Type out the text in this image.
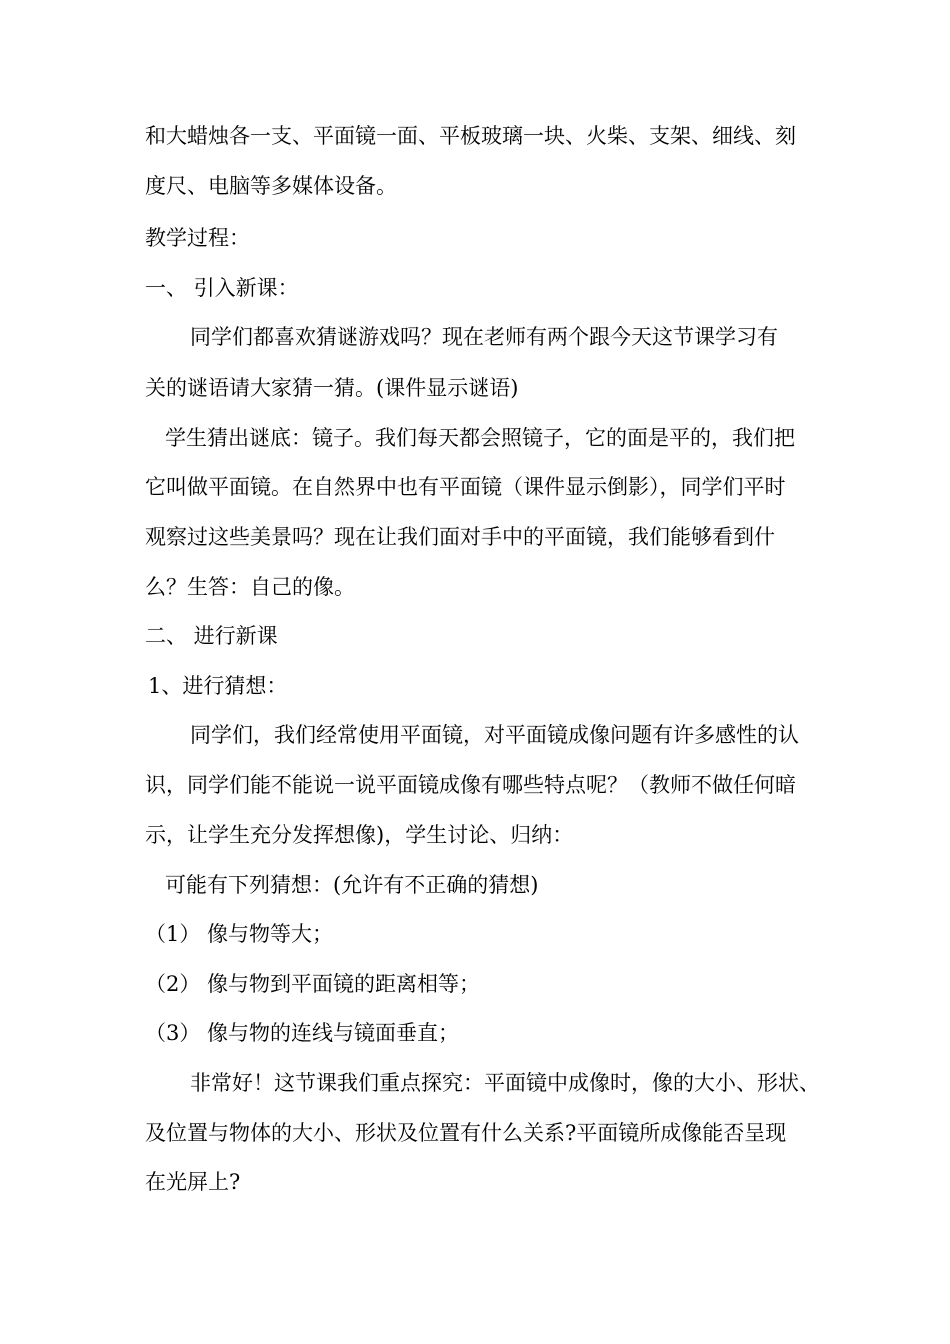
和大蜡烛各一支、平面镜一面、平板玻璃一块、火柴、支架、细线、刻
度尺、电脑等多媒体设备。
教学过程：
一、 引入新课：
同学们都喜欢猜谜游戏吗？现在老师有两个跟今天这节课学习有
关的谜语请大家猜一猜。(课件显示谜语)
学生猜出谜底：镜子。我们每天都会照镜子，它的面是平的，我们把
它叫做平面镜。在自然界中也有平面镜（课件显示倒影），同学们平时
观察过这些美景吗？现在让我们面对手中的平面镜，我们能够看到什
么？生答：自己的像。
二、 进行新课
1、进行猜想：
同学们，我们经常使用平面镜，对平面镜成像问题有许多感性的认
识，同学们能不能说一说平面镜成像有哪些特点呢？（教师不做任何暗
示，让学生充分发挥想像)，学生讨论、归纳：
可能有下列猜想：(允许有不正确的猜想)
（1） 像与物等大；
（2） 像与物到平面镜的距离相等；
（3） 像与物的连线与镜面垂直；
非常好！这节课我们重点探究：平面镜中成像时，像的大小、形状、
及位置与物体的大小、形状及位置有什么关系?平面镜所成像能否呈现
在光屏上?
